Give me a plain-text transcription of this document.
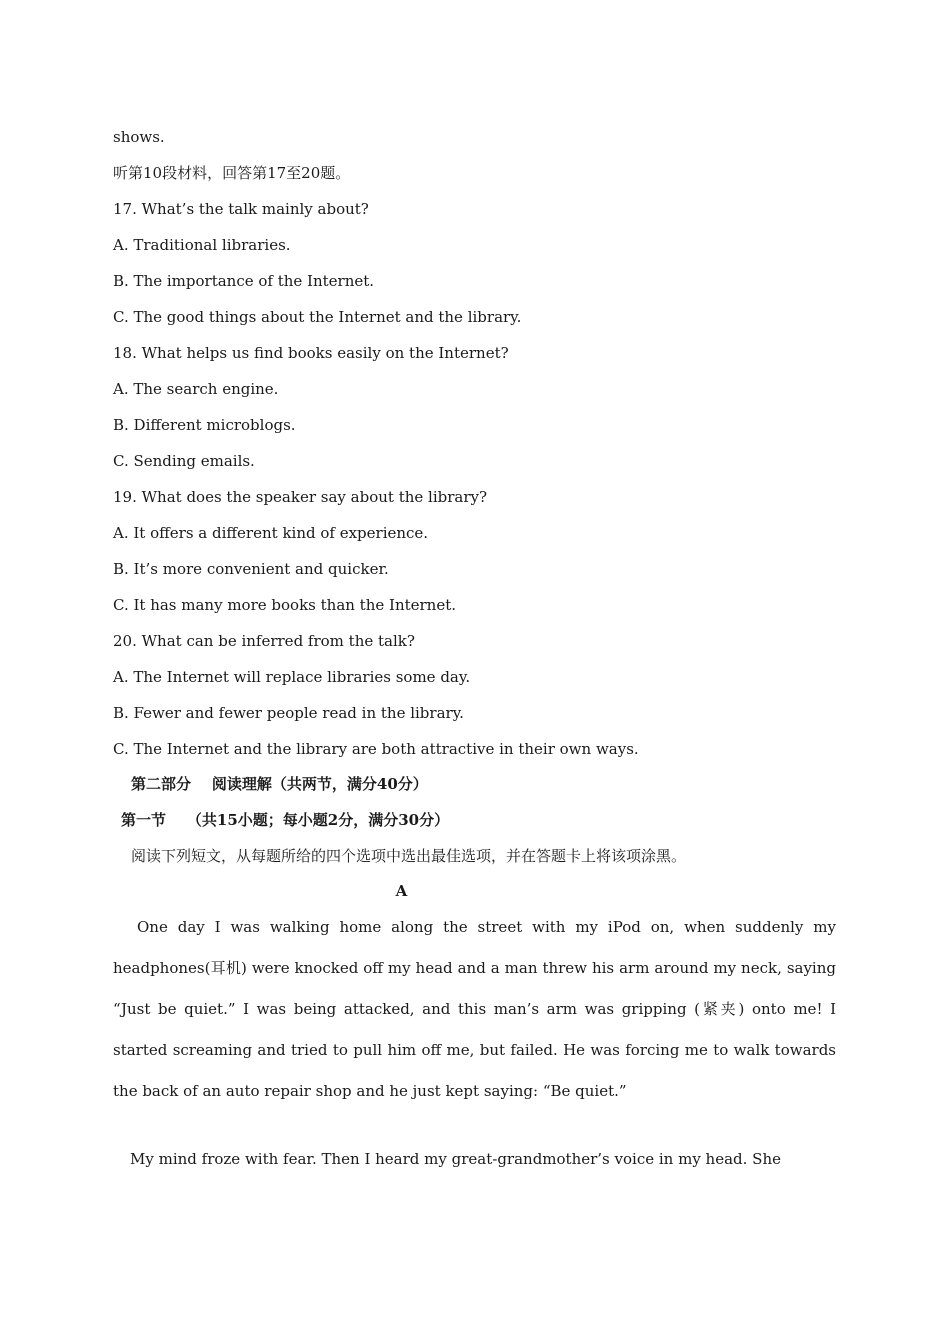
shows.
听第10段材料，回答第17至20题。
17. What’s the talk mainly about?
A. Traditional libraries.
B. The importance of the Internet.
C. The good things about the Internet and the library.
18. What helps us find books easily on the Internet?
A. The search engine.
B. Different microblogs.
C. Sending emails.
19. What does the speaker say about the library?
A. It offers a different kind of experience.
B. It’s more convenient and quicker.
C. It has many more books than the Internet.
20. What can be inferred from the talk?
A. The Internet will replace libraries some day.
B. Fewer and fewer people read in the library.
C. The Internet and the library are both attractive in their own ways.
第二部分    阅读理解（共两节，满分40分）
第一节    （共15小题；每小题2分，满分30分）
阅读下列短文，从每题所给的四个选项中选出最佳选项，并在答题卡上将该项涂黑。
A
One day I was walking home along the street with my iPod on, when suddenly my headphones(耳机) were knocked off my head and a man threw his arm around my neck, saying “Just be quiet.” I was being attacked, and this man’s arm was gripping (紧夹) onto me! I started screaming and tried to pull him off me, but failed. He was forcing me to walk towards the back of an auto repair shop and he just kept saying: “Be quiet.”
My mind froze with fear. Then I heard my great-grandmother’s voice in my head. She
